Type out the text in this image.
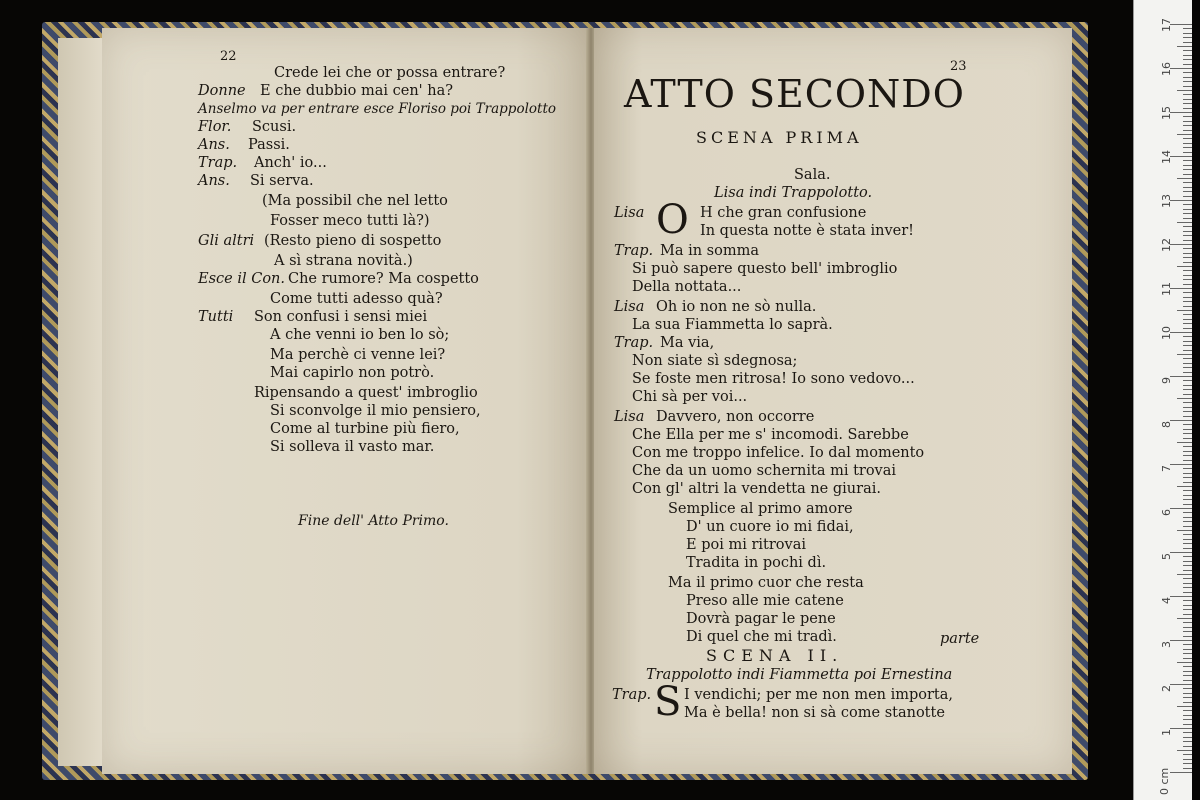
22
Crede lei che or possa entrare?
Donne E che dubbio mai cen' ha?
Anselmo va per entrare esce Floriso poi Trappolotto
Flor. Scusi.
Ans. Passi.
Trap. Anch' io...
Ans. Si serva.
(Ma possibil che nel letto
Fosser meco tutti là?)
Gli altri (Resto pieno di sospetto
A sì strana novità.)
Esce il Con. Che rumore? Ma cospetto
Come tutti adesso quà?
Tutti Son confusi i sensi miei
A che venni io ben lo sò;
Ma perchè ci venne lei?
Mai capirlo non potrò.
Ripensando a quest' imbroglio
Si sconvolge il mio pensiero,
Come al turbine più fiero,
Si solleva il vasto mar.
Fine dell' Atto Primo.
23
ATTO SECONDO
SCENA PRIMA
Sala.
Lisa indi Trappolotto.
Lisa O H che gran confusione
In questa notte è stata inver!
Trap. Ma in somma
Si può sapere questo bell' imbroglio
Della nottata...
Lisa Oh io non ne sò nulla.
La sua Fiammetta lo saprà.
Trap. Ma via,
Non siate sì sdegnosa;
Se foste men ritrosa! Io sono vedovo...
Chi sà per voi...
Lisa Davvero, non occorre
Che Ella per me s' incomodi. Sarebbe
Con me troppo infelice. Io dal momento
Che da un uomo schernita mi trovai
Con gl' altri la vendetta ne giurai.
Semplice al primo amore
D' un cuore io mi fidai,
E poi mi ritrovai
Tradita in pochi dì.
Ma il primo cuor che resta
Preso alle mie catene
Dovrà pagar le pene
Di quel che mi tradì.	parte
SCENA II.
Trappolotto indi Fiammetta poi Ernestina
Trap. S I vendichi; per me non men importa,
Ma è bella! non si sà come stanotte
17
16
15
14
13
12
11
10
9
8
7
6
5
4
3
2
1
0 cm
